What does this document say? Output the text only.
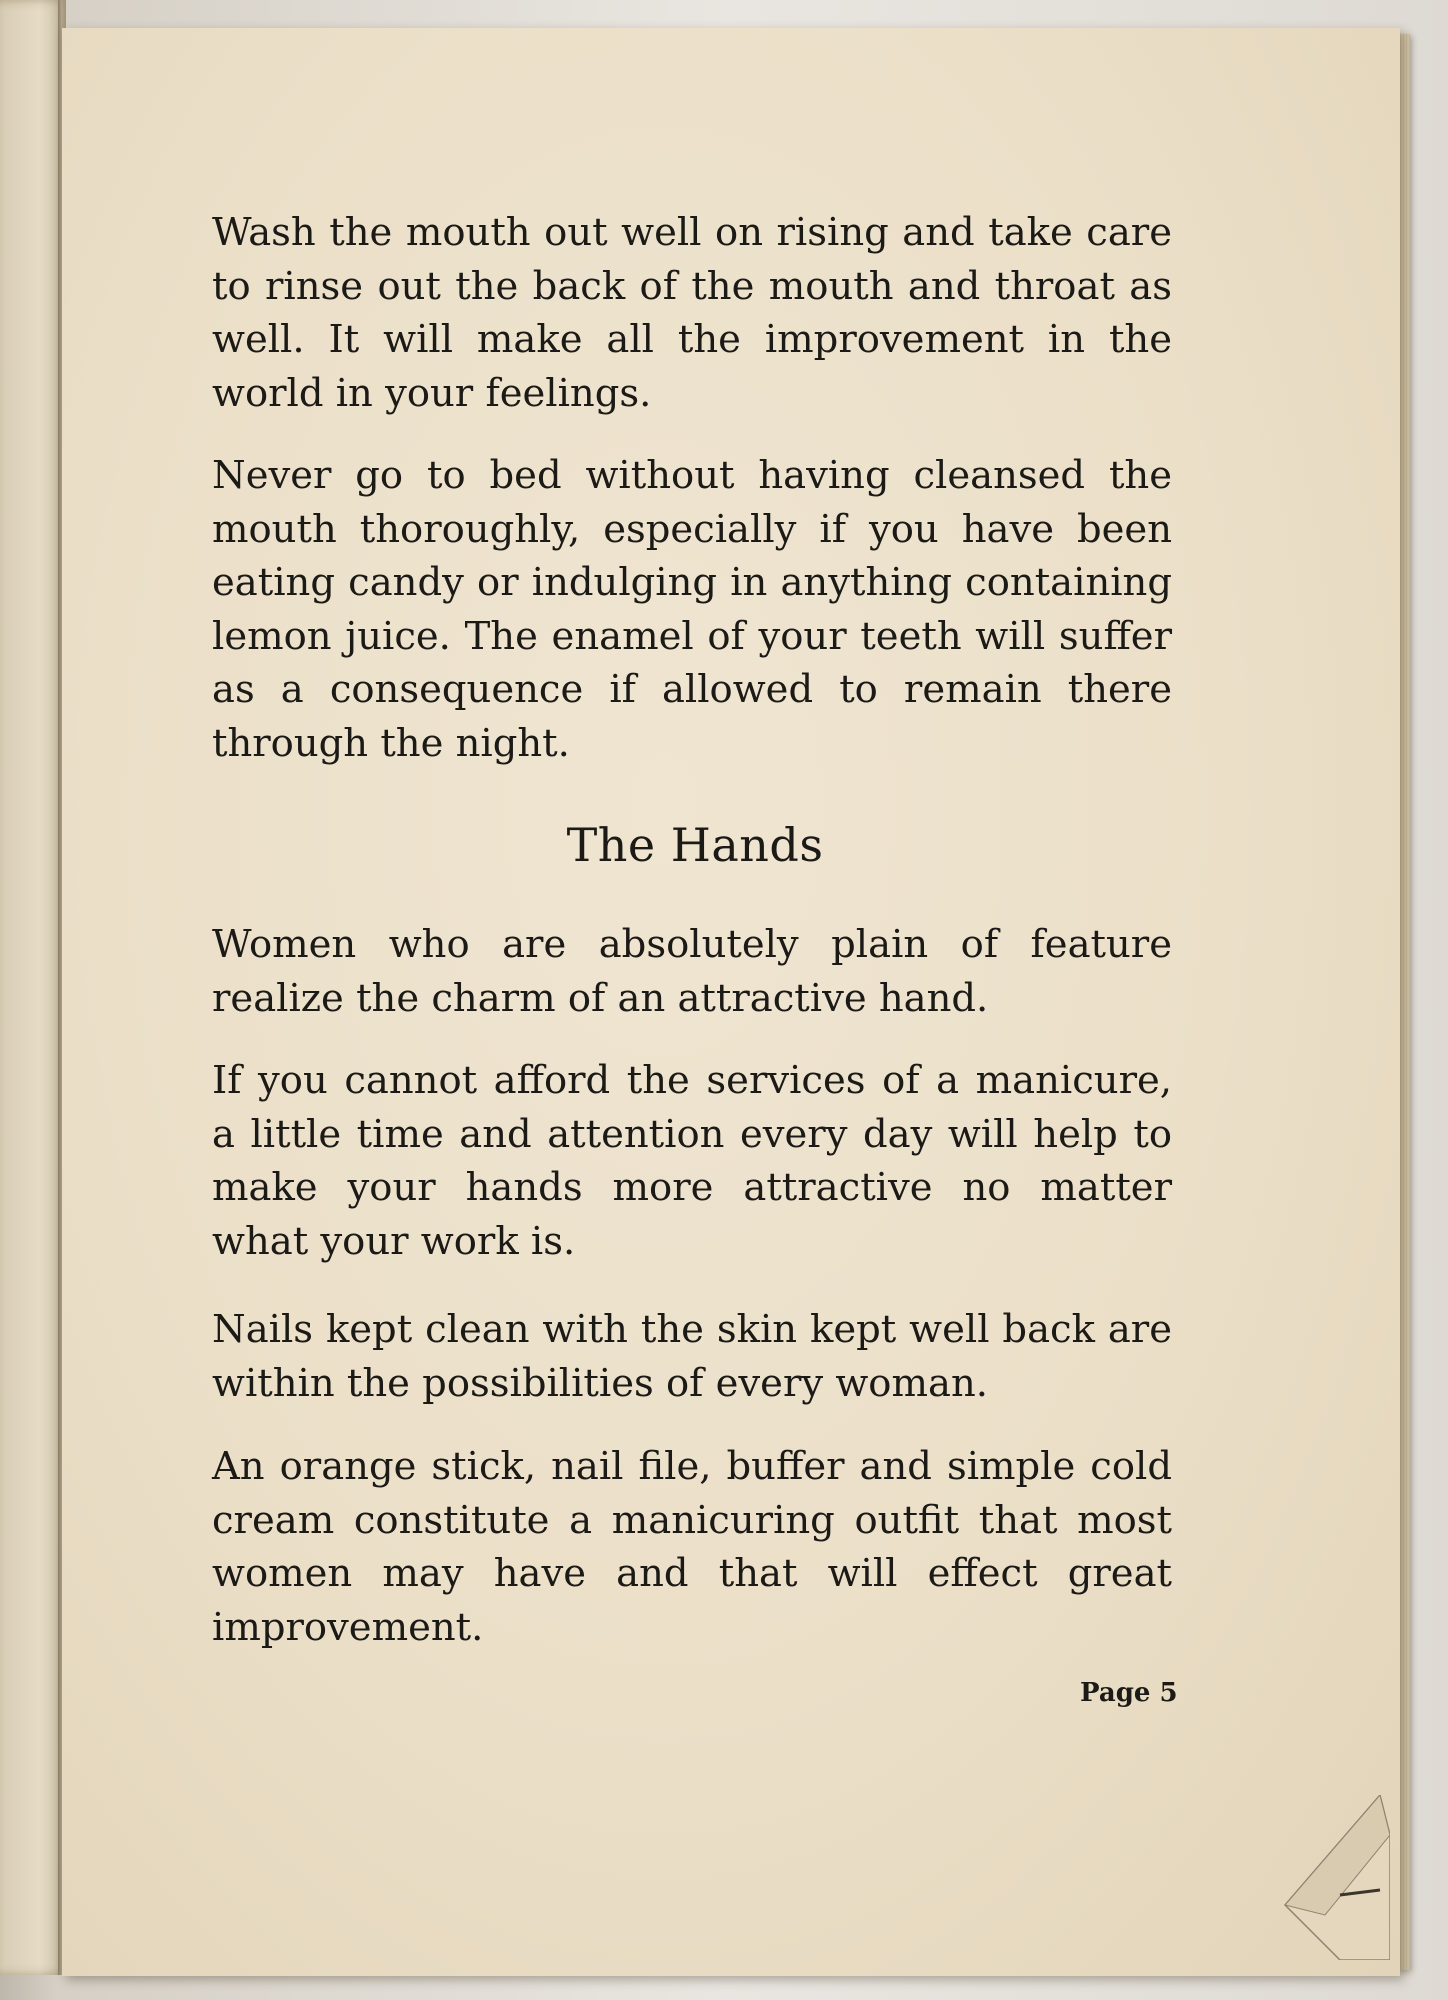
Wash the mouth out well on rising and take care to rinse out the back of the mouth and throat as well. It will make all the improvement in the world in your feelings.

Never go to bed without having cleansed the mouth thoroughly, especially if you have been eating candy or indulging in anything containing lemon juice. The enamel of your teeth will suffer as a consequence if allowed to remain there through the night.

The Hands

Women who are absolutely plain of feature realize the charm of an attractive hand.

If you cannot afford the services of a manicure, a little time and attention every day will help to make your hands more attractive no matter what your work is.

Nails kept clean with the skin kept well back are within the possibilities of every woman.

An orange stick, nail file, buffer and simple cold cream constitute a manicuring outfit that most women may have and that will effect great improvement.

Page 5
